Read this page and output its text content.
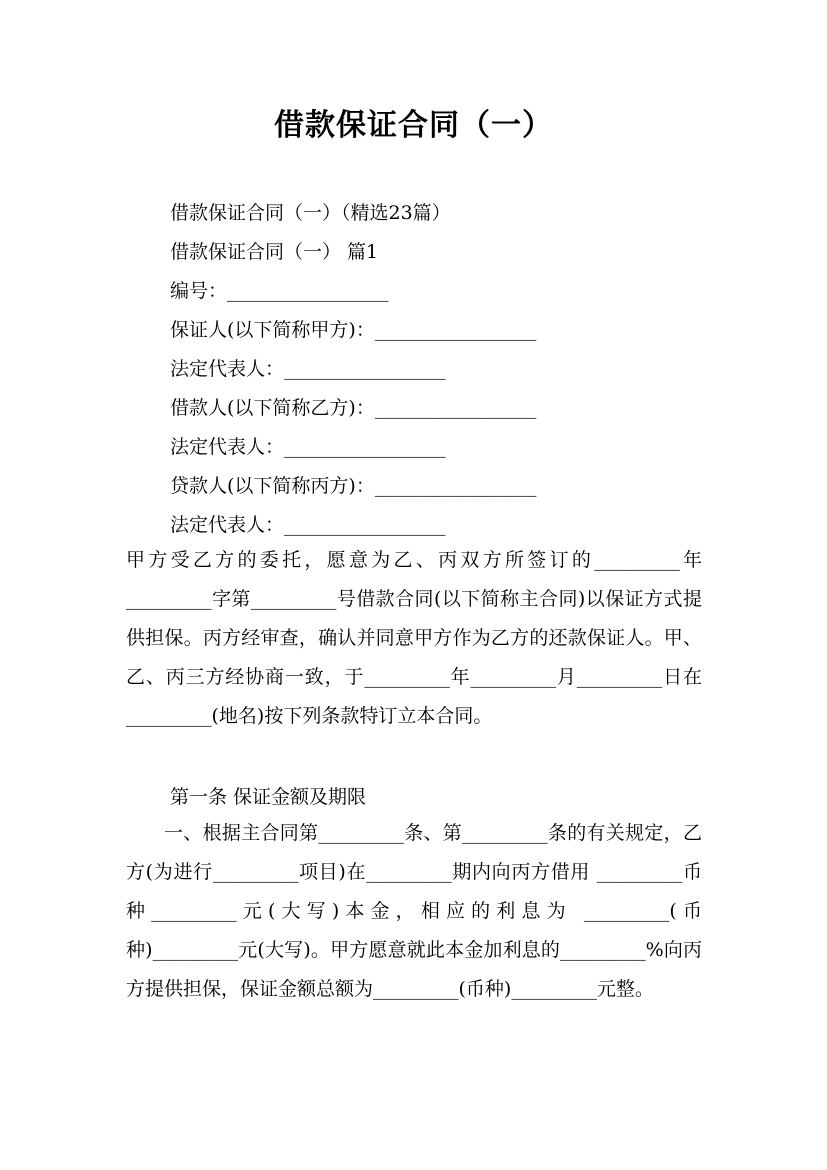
借款保证合同（一）
借款保证合同（一）（精选23篇）
借款保证合同（一） 篇1
编号：_________________
保证人(以下简称甲方)：_________________
法定代表人：_________________
借款人(以下简称乙方)：_________________
法定代表人：_________________
贷款人(以下简称丙方)：_________________
法定代表人：_________________
甲方受乙方的委托，愿意为乙、丙双方所签订的_________年_________字第_________号借款合同(以下简称主合同)以保证方式提供担保。丙方经审查，确认并同意甲方作为乙方的还款保证人。甲、乙、丙三方经协商一致，于_________年_________月_________日在 _________(地名)按下列条款特订立本合同。
第一条 保证金额及期限
一、根据主合同第_________条、第_________条的有关规定，乙方(为进行_________项目)在_________期内向丙方借用 _________币种_________元(大写)本金，相应的利息为 _________(币种)_________元(大写)。甲方愿意就此本金加利息的_________%向丙方提供担保，保证金额总额为_________(币种)_________元整。
